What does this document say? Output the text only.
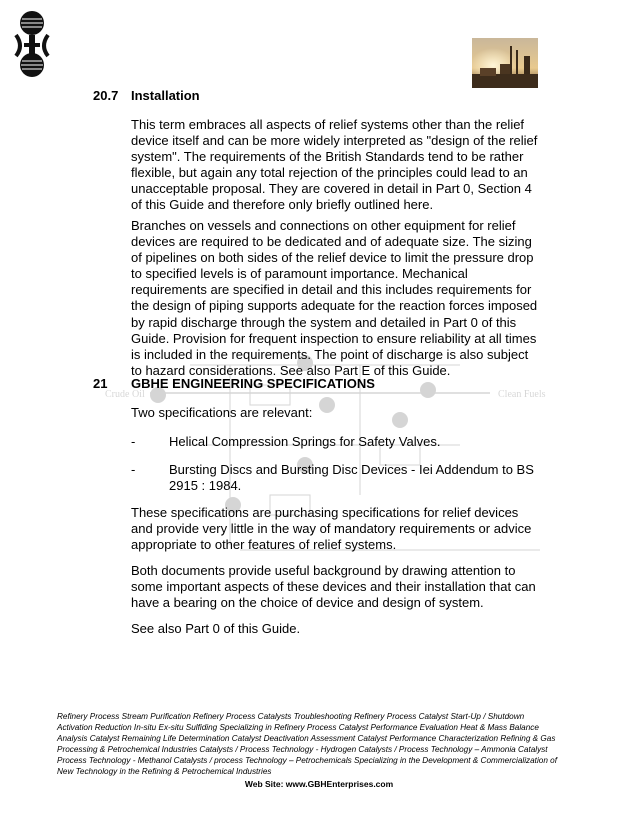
Crude Oil	Clean Fuels
20.7 Installation

This term embraces all aspects of relief systems other than the relief device itself and can be more widely interpreted as "design of the relief system". The requirements of the British Standards tend to be rather flexible, but again any total rejection of the principles could lead to an unacceptable proposal. They are covered in detail in Part 0, Section 4 of this Guide and therefore only briefly outlined here.

Branches on vessels and connections on other equipment for relief devices are required to be dedicated and of adequate size. The sizing of pipelines on both sides of the relief device to limit the pressure drop to specified levels is of paramount importance. Mechanical requirements are specified in detail and this includes requirements for the design of piping supports adequate for the reaction forces imposed by rapid discharge through the system and detailed in Part 0 of this Guide. Provision for frequent inspection to ensure reliability at all times is included in the requirements. The point of discharge is also subject to hazard considerations. See also Part E of this Guide.

21 GBHE ENGINEERING SPECIFICATIONS

Two specifications are relevant:

-	Helical Compression Springs for Safety Valves.

-	Bursting Discs and Bursting Disc Devices - Iei Addendum to BS 2915 : 1984.

These specifications are purchasing specifications for relief devices and provide very little in the way of mandatory requirements or advice appropriate to other features of relief systems.

Both documents provide useful background by drawing attention to some important aspects of these devices and their installation that can have a bearing on the choice of device and design of system.

See also Part 0 of this Guide.

Refinery Process Stream Purification Refinery Process Catalysts Troubleshooting Refinery Process Catalyst Start-Up / Shutdown Activation Reduction In-situ Ex-situ Sulfiding Specializing in Refinery Process Catalyst Performance Evaluation Heat & Mass Balance Analysis Catalyst Remaining Life Determination Catalyst Deactivation Assessment Catalyst Performance Characterization Refining & Gas Processing & Petrochemical Industries Catalysts / Process Technology - Hydrogen Catalysts / Process Technology – Ammonia Catalyst Process Technology - Methanol Catalysts / process Technology – Petrochemicals Specializing in the Development & Commercialization of New Technology in the Refining & Petrochemical Industries

Web Site: www.GBHEnterprises.com
